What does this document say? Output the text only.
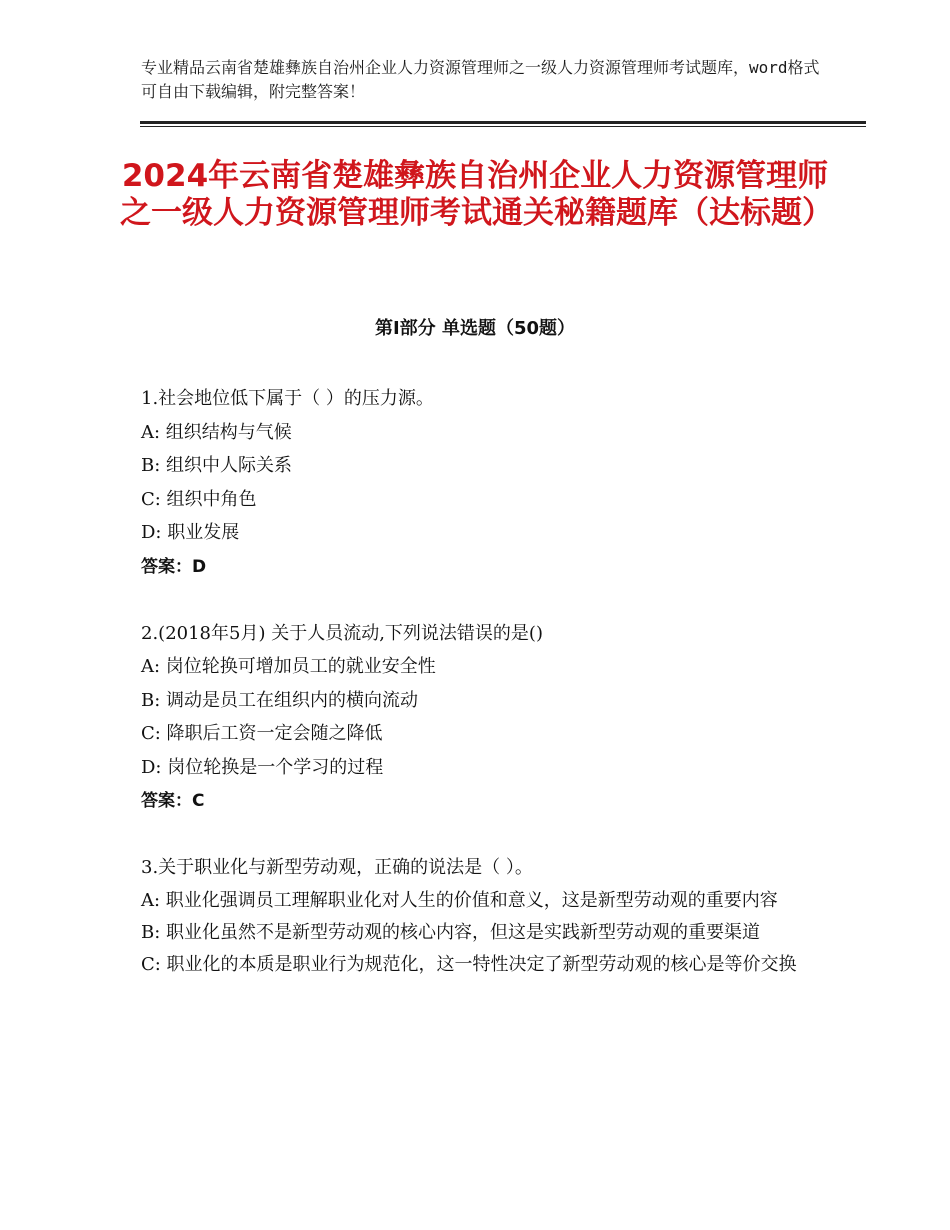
专业精品云南省楚雄彝族自治州企业人力资源管理师之一级人力资源管理师考试题库，word格式可自由下载编辑，附完整答案！
2024年云南省楚雄彝族自治州企业人力资源管理师之一级人力资源管理师考试通关秘籍题库（达标题）
第Ⅰ部分 单选题（50题）

1.社会地位低下属于（ ）的压力源。

A: 组织结构与气候

B: 组织中人际关系

C: 组织中角色

D: 职业发展

答案：D

2.(2018年5月) 关于人员流动,下列说法错误的是()

A: 岗位轮换可增加员工的就业安全性

B: 调动是员工在组织内的横向流动

C: 降职后工资一定会随之降低

D: 岗位轮换是一个学习的过程

答案：C

3.关于职业化与新型劳动观，正确的说法是（ ）。

A: 职业化强调员工理解职业化对人生的价值和意义，这是新型劳动观的重要内容

B: 职业化虽然不是新型劳动观的核心内容，但这是实践新型劳动观的重要渠道

C: 职业化的本质是职业行为规范化，这一特性决定了新型劳动观的核心是等价交换
